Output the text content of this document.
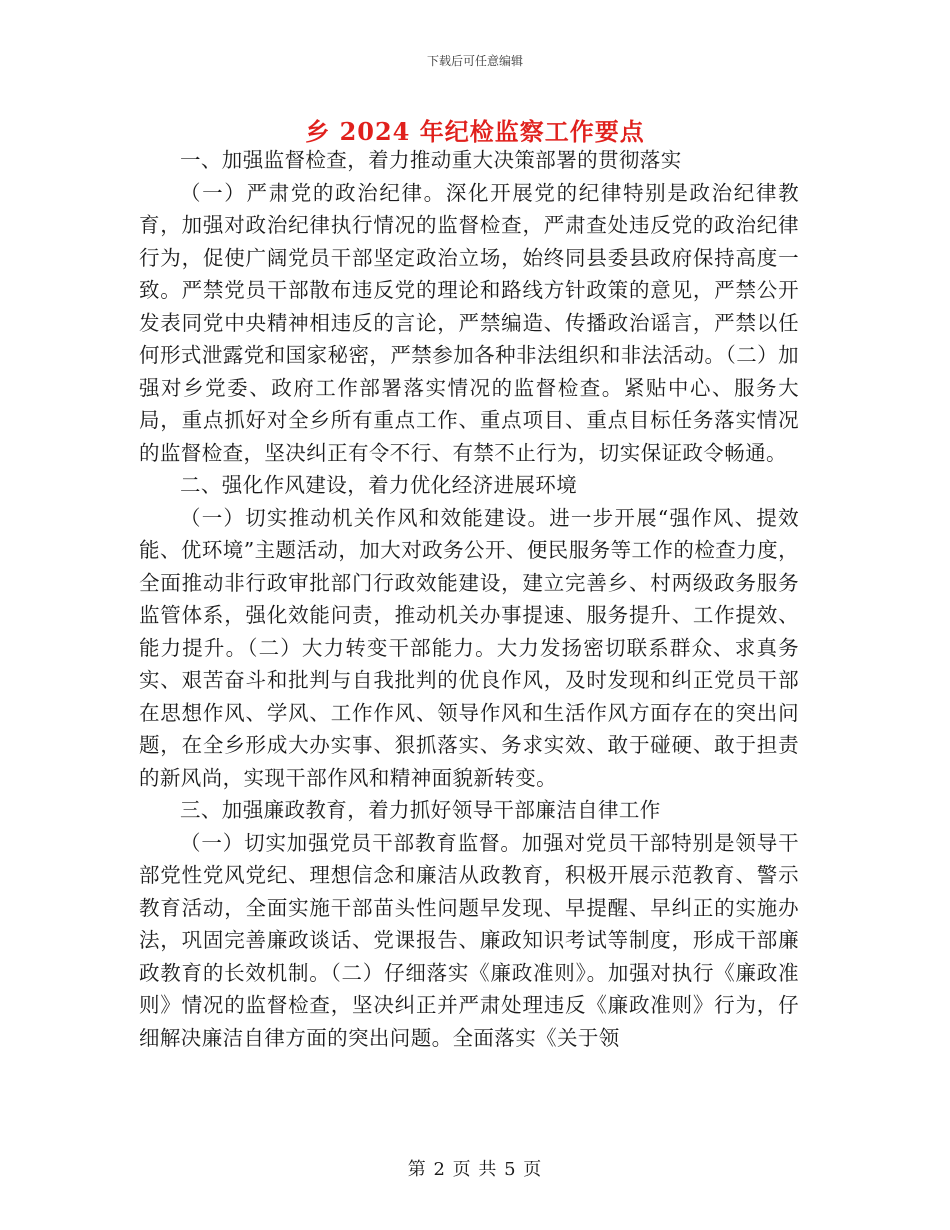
下载后可任意编辑
乡 2024 年纪检监察工作要点

一、加强监督检查，着力推动重大决策部署的贯彻落实

（一）严肃党的政治纪律。深化开展党的纪律特别是政治纪律教育，加强对政治纪律执行情况的监督检查，严肃查处违反党的政治纪律行为，促使广阔党员干部坚定政治立场，始终同县委县政府保持高度一致。严禁党员干部散布违反党的理论和路线方针政策的意见，严禁公开发表同党中央精神相违反的言论，严禁编造、传播政治谣言，严禁以任何形式泄露党和国家秘密，严禁参加各种非法组织和非法活动。（二）加强对乡党委、政府工作部署落实情况的监督检查。紧贴中心、服务大局，重点抓好对全乡所有重点工作、重点项目、重点目标任务落实情况的监督检查，坚决纠正有令不行、有禁不止行为，切实保证政令畅通。

二、强化作风建设，着力优化经济进展环境

（一）切实推动机关作风和效能建设。进一步开展“强作风、提效能、优环境”主题活动，加大对政务公开、便民服务等工作的检查力度，全面推动非行政审批部门行政效能建设，建立完善乡、村两级政务服务监管体系，强化效能问责，推动机关办事提速、服务提升、工作提效、能力提升。（二）大力转变干部能力。大力发扬密切联系群众、求真务实、艰苦奋斗和批判与自我批判的优良作风，及时发现和纠正党员干部在思想作风、学风、工作作风、领导作风和生活作风方面存在的突出问题，在全乡形成大办实事、狠抓落实、务求实效、敢于碰硬、敢于担责的新风尚，实现干部作风和精神面貌新转变。

三、加强廉政教育，着力抓好领导干部廉洁自律工作

（一）切实加强党员干部教育监督。加强对党员干部特别是领导干部党性党风党纪、理想信念和廉洁从政教育，积极开展示范教育、警示教育活动，全面实施干部苗头性问题早发现、早提醒、早纠正的实施办法，巩固完善廉政谈话、党课报告、廉政知识考试等制度，形成干部廉政教育的长效机制。（二）仔细落实《廉政准则》。加强对执行《廉政准则》情况的监督检查，坚决纠正并严肃处理违反《廉政准则》行为，仔细解决廉洁自律方面的突出问题。全面落实《关于领

第 2 页 共 5 页
